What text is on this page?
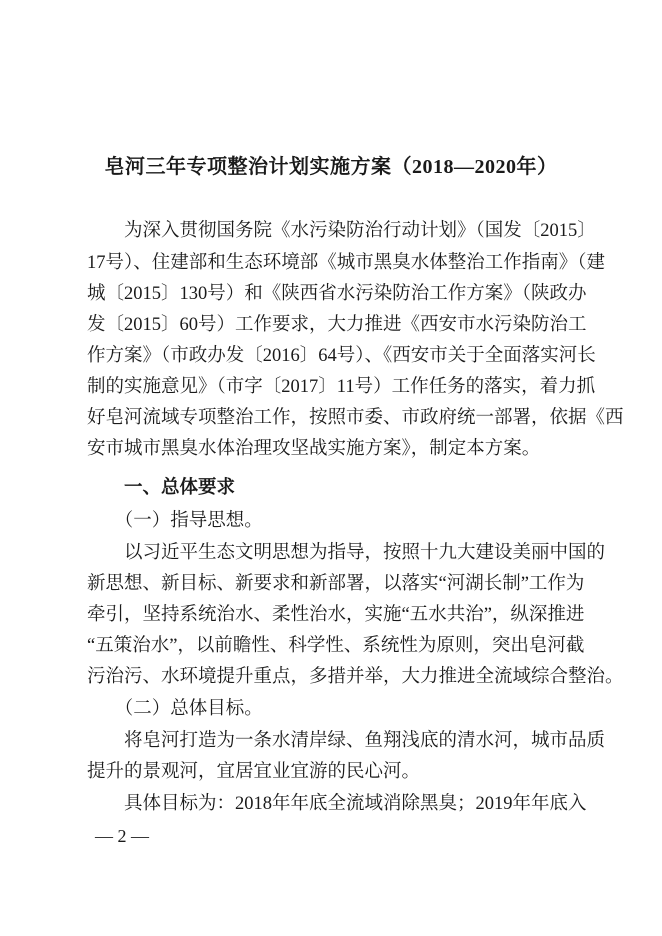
皂河三年专项整治计划实施方案（2018—2020年）
　　为深入贯彻国务院《水污染防治行动计划》（国发〔2015〕
17号）、住建部和生态环境部《城市黑臭水体整治工作指南》（建
城〔2015〕130号）和《陕西省水污染防治工作方案》（陕政办
发〔2015〕60号）工作要求，大力推进《西安市水污染防治工
作方案》（市政办发〔2016〕64号）、《西安市关于全面落实河长
制的实施意见》（市字〔2017〕11号）工作任务的落实，着力抓
好皂河流域专项整治工作，按照市委、市政府统一部署，依据《西
安市城市黑臭水体治理攻坚战实施方案》，制定本方案。
　　一、总体要求
　　（一）指导思想。
　　以习近平生态文明思想为指导，按照十九大建设美丽中国的
新思想、新目标、新要求和新部署，以落实“河湖长制”工作为
牵引，坚持系统治水、柔性治水，实施“五水共治”，纵深推进
“五策治水”，以前瞻性、科学性、系统性为原则，突出皂河截
污治污、水环境提升重点，多措并举，大力推进全流域综合整治。
　　（二）总体目标。
　　将皂河打造为一条水清岸绿、鱼翔浅底的清水河，城市品质
提升的景观河，宜居宜业宜游的民心河。
　　具体目标为：2018年年底全流域消除黑臭；2019年年底入
— 2 —
